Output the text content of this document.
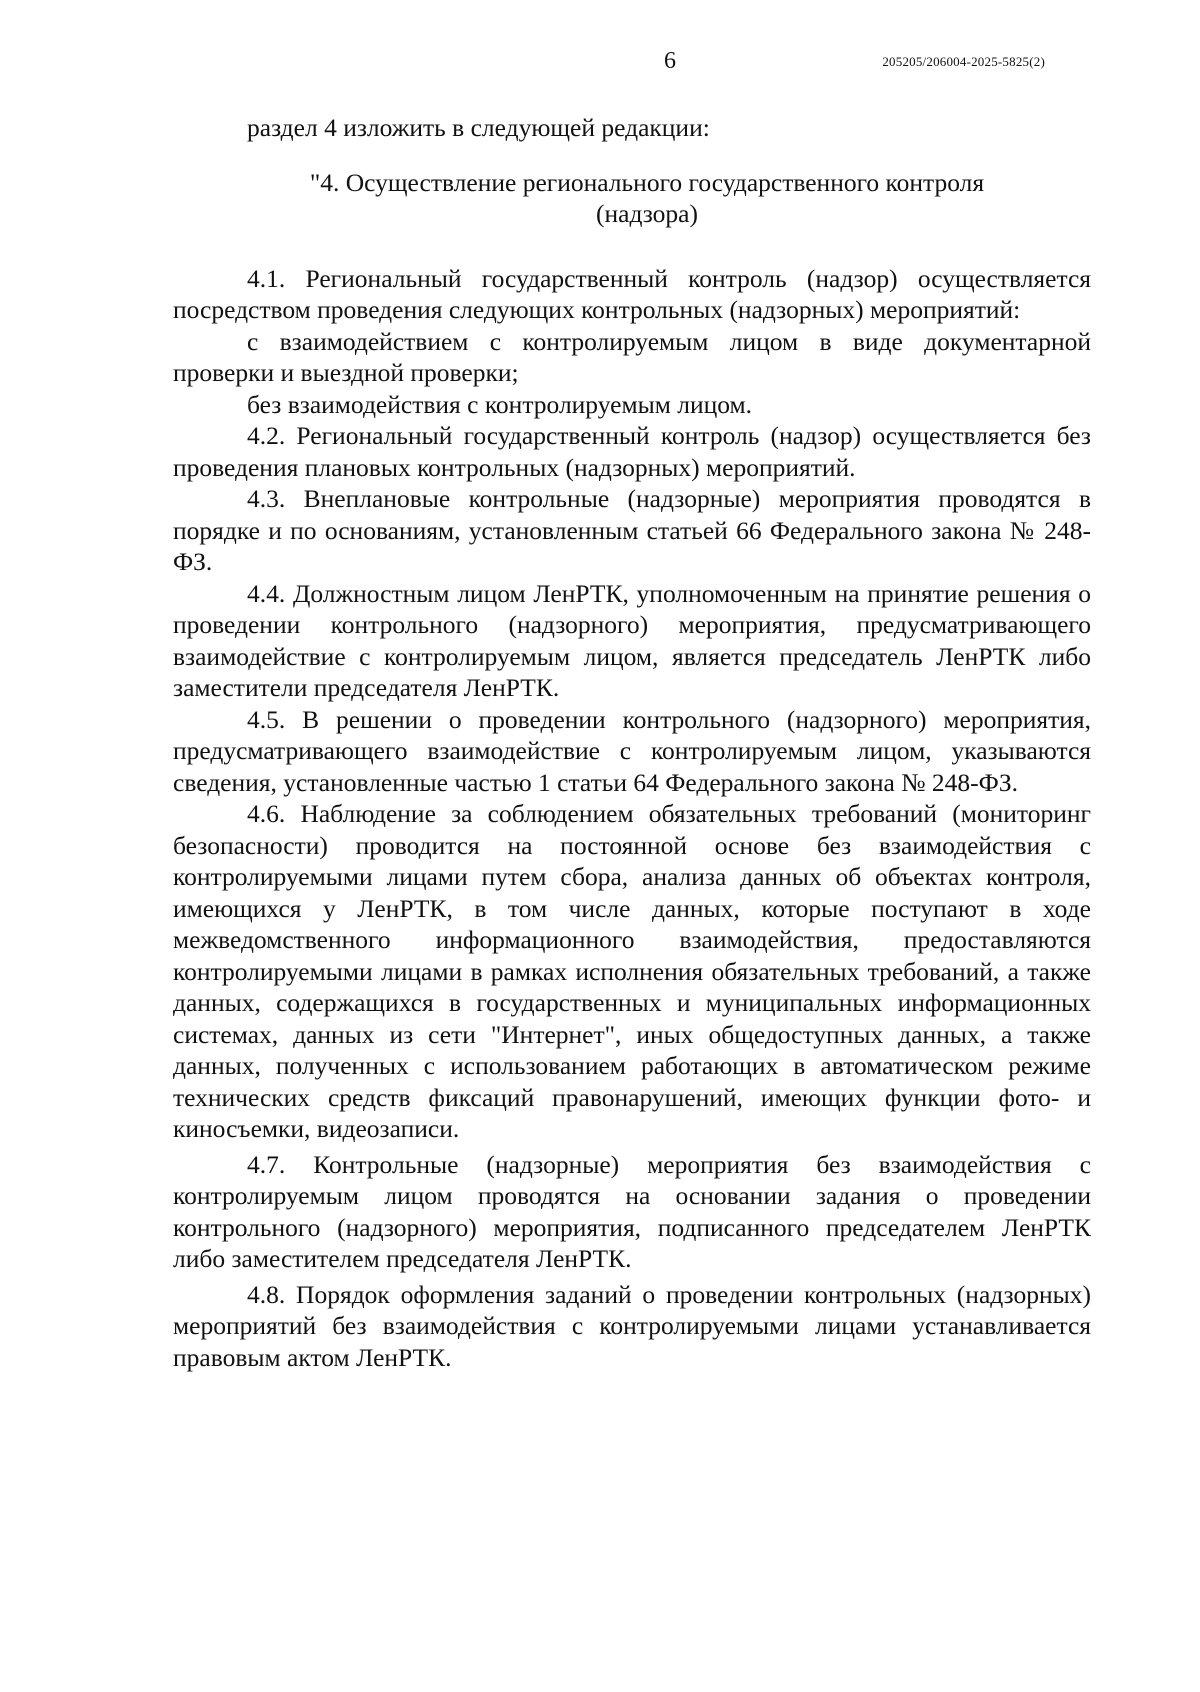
6	205205/206004-2025-5825(2)

раздел 4 изложить в следующей редакции:

"4. Осуществление регионального государственного контроля
(надзора)

4.1. Региональный государственный контроль (надзор) осуществляется посредством проведения следующих контрольных (надзорных) мероприятий:

с взаимодействием с контролируемым лицом в виде документарной проверки и выездной проверки;

без взаимодействия с контролируемым лицом.

4.2. Региональный государственный контроль (надзор) осуществляется без проведения плановых контрольных (надзорных) мероприятий.

4.3. Внеплановые контрольные (надзорные) мероприятия проводятся в порядке и по основаниям, установленным статьей 66 Федерального закона № 248-ФЗ.

4.4. Должностным лицом ЛенРТК, уполномоченным на принятие решения о проведении контрольного (надзорного) мероприятия, предусматривающего взаимодействие с контролируемым лицом, является председатель ЛенРТК либо заместители председателя ЛенРТК.

4.5. В решении о проведении контрольного (надзорного) мероприятия, предусматривающего взаимодействие с контролируемым лицом, указываются сведения, установленные частью 1 статьи 64 Федерального закона № 248-ФЗ.

4.6. Наблюдение за соблюдением обязательных требований (мониторинг безопасности) проводится на постоянной основе без взаимодействия с контролируемыми лицами путем сбора, анализа данных об объектах контроля, имеющихся у ЛенРТК, в том числе данных, которые поступают в ходе межведомственного информационного взаимодействия, предоставляются контролируемыми лицами в рамках исполнения обязательных требований, а также данных, содержащихся в государственных и муниципальных информационных системах, данных из сети "Интернет", иных общедоступных данных, а также данных, полученных с использованием работающих в автоматическом режиме технических средств фиксаций правонарушений, имеющих функции фото- и киносъемки, видеозаписи.

4.7. Контрольные (надзорные) мероприятия без взаимодействия с контролируемым лицом проводятся на основании задания о проведении контрольного (надзорного) мероприятия, подписанного председателем ЛенРТК либо заместителем председателя ЛенРТК.

4.8. Порядок оформления заданий о проведении контрольных (надзорных) мероприятий без взаимодействия с контролируемыми лицами устанавливается правовым актом ЛенРТК.
